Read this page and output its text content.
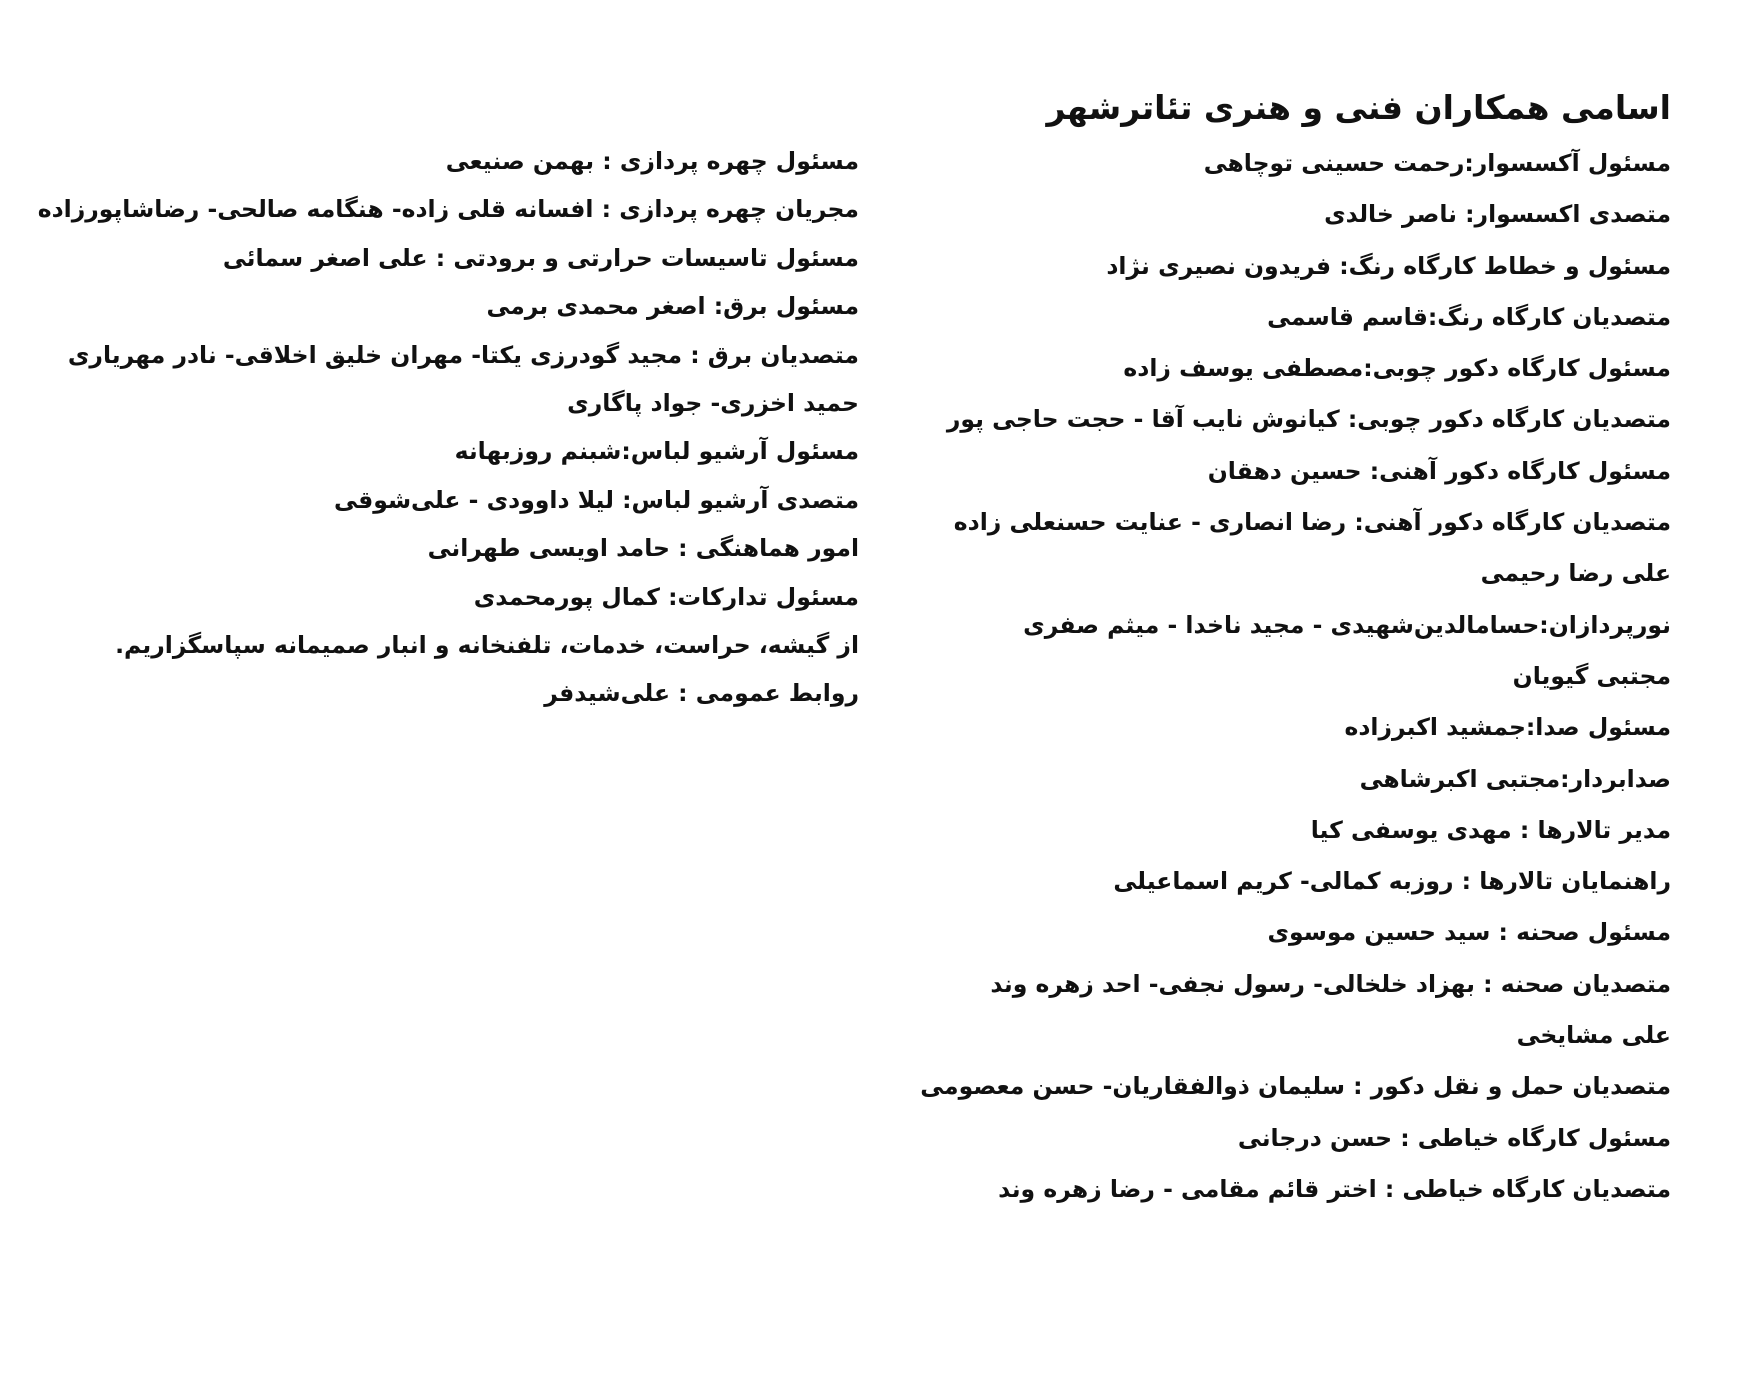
اسامی همکاران فنی و هنری تئاترشهر
مسئول آکسسوار:رحمت حسینی توچاهی
متصدی اکسسوار: ناصر خالدی
مسئول و خطاط کارگاه رنگ: فریدون نصیری نژاد
متصدیان کارگاه رنگ:قاسم قاسمی
مسئول کارگاه دکور چوبی:مصطفی یوسف زاده
متصدیان کارگاه دکور چوبی: کیانوش نایب آقا - حجت حاجی پور
مسئول کارگاه دکور آهنی: حسین دهقان
متصدیان کارگاه دکور آهنی: رضا انصاری - عنایت حسنعلی زاده
علی رضا رحیمی
نورپردازان:حسامالدین‌شهیدی - مجید ناخدا - میثم صفری
مجتبی گیویان
مسئول صدا:جمشید اکبرزاده
صدابردار:مجتبی اکبرشاهی
مدیر تالارها : مهدی یوسفی کیا
راهنمایان تالارها : روزبه کمالی- کریم اسماعیلی
مسئول صحنه : سید حسین موسوی
متصدیان صحنه : بهزاد خلخالی- رسول نجفی- احد زهره وند
علی مشایخی
متصدیان حمل و نقل دکور : سلیمان ذوالفقاریان- حسن معصومی
مسئول کارگاه خیاطی : حسن درجانی
متصدیان کارگاه خیاطی : اختر قائم مقامی - رضا زهره وند
مسئول چهره پردازی : بهمن صنیعی
مجریان چهره پردازی : افسانه قلی زاده- هنگامه صالحی- رضاشاپورزاده
مسئول تاسیسات حرارتی و برودتی : علی اصغر سمائی
مسئول برق: اصغر محمدی برمی
متصدیان برق : مجید گودرزی یکتا- مهران خلیق اخلاقی- نادر مهریاری
حمید اخزری- جواد پاگاری
مسئول آرشیو لباس:شبنم روزبهانه
متصدی آرشیو لباس: لیلا داوودی - علی‌شوقی
امور هماهنگی : حامد اویسی طهرانی
مسئول تدارکات: کمال پورمحمدی
از گیشه، حراست، خدمات، تلفنخانه و انبار صمیمانه سپاسگزاریم.
روابط عمومی : علی‌شیدفر
